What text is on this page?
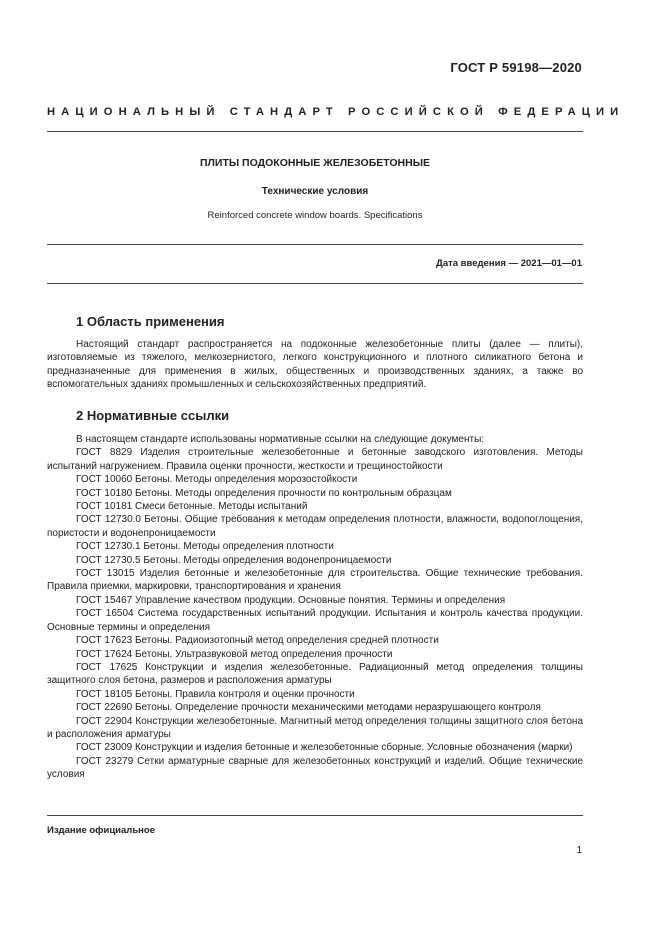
ГОСТ Р 59198—2020
НАЦИОНАЛЬНЫЙ СТАНДАРТ РОССИЙСКОЙ ФЕДЕРАЦИИ
ПЛИТЫ ПОДОКОННЫЕ ЖЕЛЕЗОБЕТОННЫЕ
Технические условия
Reinforced concrete window boards. Specifications
Дата введения — 2021—01—01
1 Область применения

Настоящий стандарт распространяется на подоконные железобетонные плиты (далее — плиты), изготовляемые из тяжелого, мелкозернистого, легкого конструкционного и плотного силикатного бетона и предназначенные для применения в жилых, общественных и производственных зданиях, а также во вспомогательных зданиях промышленных и сельскохозяйственных предприятий.

2 Нормативные ссылки

В настоящем стандарте использованы нормативные ссылки на следующие документы:

ГОСТ 8829 Изделия строительные железобетонные и бетонные заводского изготовления. Методы испытаний нагружением. Правила оценки прочности, жесткости и трещиностойкости

ГОСТ 10060 Бетоны. Методы определения морозостойкости

ГОСТ 10180 Бетоны. Методы определения прочности по контрольным образцам

ГОСТ 10181 Смеси бетонные. Методы испытаний

ГОСТ 12730.0 Бетоны. Общие требования к методам определения плотности, влажности, водопоглощения, пористости и водонепроницаемости

ГОСТ 12730.1 Бетоны. Методы определения плотности

ГОСТ 12730.5 Бетоны. Методы определения водонепроницаемости

ГОСТ 13015 Изделия бетонные и железобетонные для строительства. Общие технические требования. Правила приемки, маркировки, транспортирования и хранения

ГОСТ 15467 Управление качеством продукции. Основные понятия. Термины и определения

ГОСТ 16504 Система государственных испытаний продукции. Испытания и контроль качества продукции. Основные термины и определения

ГОСТ 17623 Бетоны. Радиоизотопный метод определения средней плотности

ГОСТ 17624 Бетоны. Ультразвуковой метод определения прочности

ГОСТ 17625 Конструкции и изделия железобетонные. Радиационный метод определения толщины защитного слоя бетона, размеров и расположения арматуры

ГОСТ 18105 Бетоны. Правила контроля и оценки прочности

ГОСТ 22690 Бетоны. Определение прочности механическими методами неразрушающего контроля

ГОСТ 22904 Конструкции железобетонные. Магнитный метод определения толщины защитного слоя бетона и расположения арматуры

ГОСТ 23009 Конструкции и изделия бетонные и железобетонные сборные. Условные обозначения (марки)

ГОСТ 23279 Сетки арматурные сварные для железобетонных конструкций и изделий. Общие технические условия

Издание официальное
1
